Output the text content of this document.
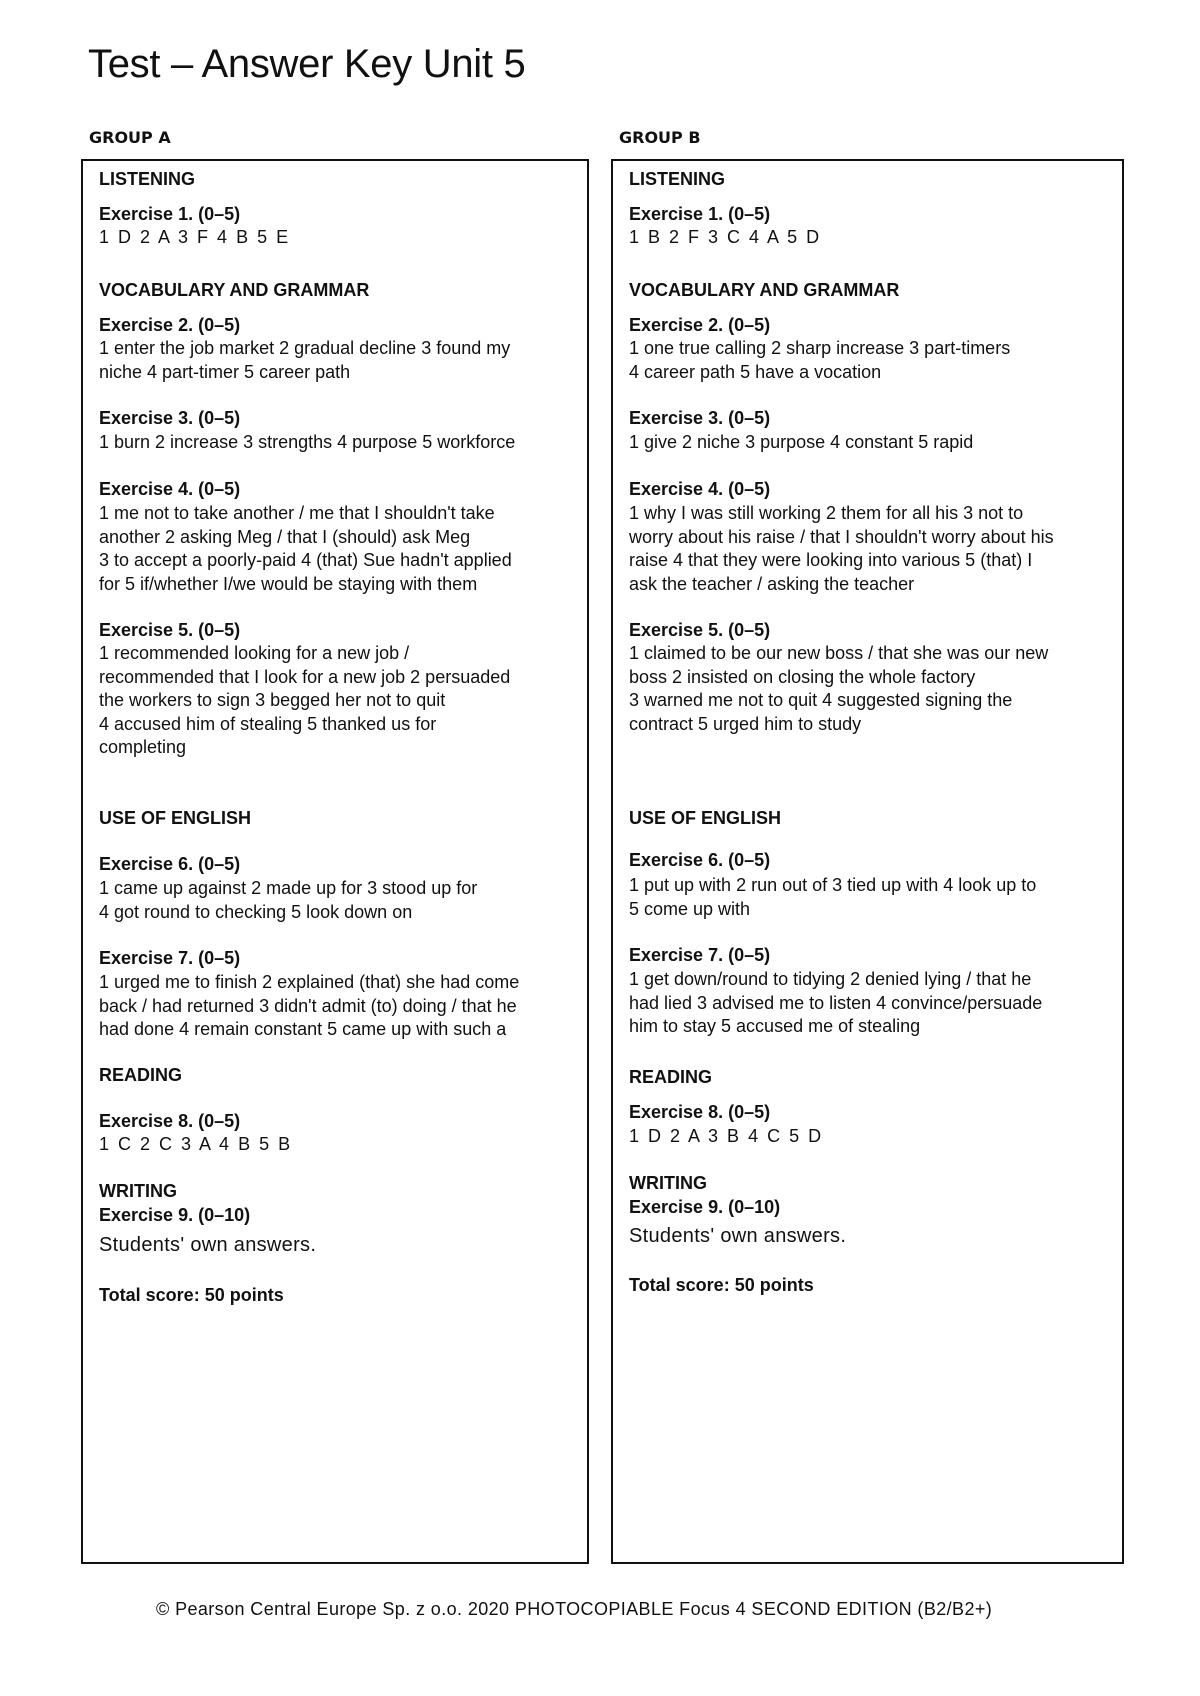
Test – Answer Key Unit 5
GROUP A	GROUP B
LISTENING
Exercise 1. (0–5)
1 D 2 A 3 F 4 B 5 E
VOCABULARY AND GRAMMAR
Exercise 2. (0–5)
1 enter the job market 2 gradual decline 3 found my
niche 4 part-timer 5 career path
Exercise 3. (0–5)
1 burn 2 increase 3 strengths 4 purpose 5 workforce
Exercise 4. (0–5)
1 me not to take another / me that I shouldn't take
another 2 asking Meg / that I (should) ask Meg
3 to accept a poorly-paid 4 (that) Sue hadn't applied
for 5 if/whether I/we would be staying with them
Exercise 5. (0–5)
1 recommended looking for a new job /
recommended that I look for a new job 2 persuaded
the workers to sign 3 begged her not to quit
4 accused him of stealing 5 thanked us for
completing
USE OF ENGLISH
Exercise 6. (0–5)
1 came up against 2 made up for 3 stood up for
4 got round to checking 5 look down on
Exercise 7. (0–5)
1 urged me to finish 2 explained (that) she had come
back / had returned 3 didn't admit (to) doing / that he
had done 4 remain constant 5 came up with such a
READING
Exercise 8. (0–5)
1 C 2 C 3 A 4 B 5 B
WRITING
Exercise 9. (0–10)
Students' own answers.
Total score: 50 points
LISTENING
Exercise 1. (0–5)
1 B 2 F 3 C 4 A 5 D
VOCABULARY AND GRAMMAR
Exercise 2. (0–5)
1 one true calling 2 sharp increase 3 part-timers
4 career path 5 have a vocation
Exercise 3. (0–5)
1 give 2 niche 3 purpose 4 constant 5 rapid
Exercise 4. (0–5)
1 why I was still working 2 them for all his 3 not to
worry about his raise / that I shouldn't worry about his
raise 4 that they were looking into various 5 (that) I
ask the teacher / asking the teacher
Exercise 5. (0–5)
1 claimed to be our new boss / that she was our new
boss 2 insisted on closing the whole factory
3 warned me not to quit 4 suggested signing the
contract 5 urged him to study
USE OF ENGLISH
Exercise 6. (0–5)
1 put up with 2 run out of 3 tied up with 4 look up to
5 come up with
Exercise 7. (0–5)
1 get down/round to tidying 2 denied lying / that he
had lied 3 advised me to listen 4 convince/persuade
him to stay 5 accused me of stealing
READING
Exercise 8. (0–5)
1 D 2 A 3 B 4 C 5 D
WRITING
Exercise 9. (0–10)
Students' own answers.
Total score: 50 points
© Pearson Central Europe Sp. z o.o. 2020 PHOTOCOPIABLE Focus 4 SECOND EDITION (B2/B2+)
